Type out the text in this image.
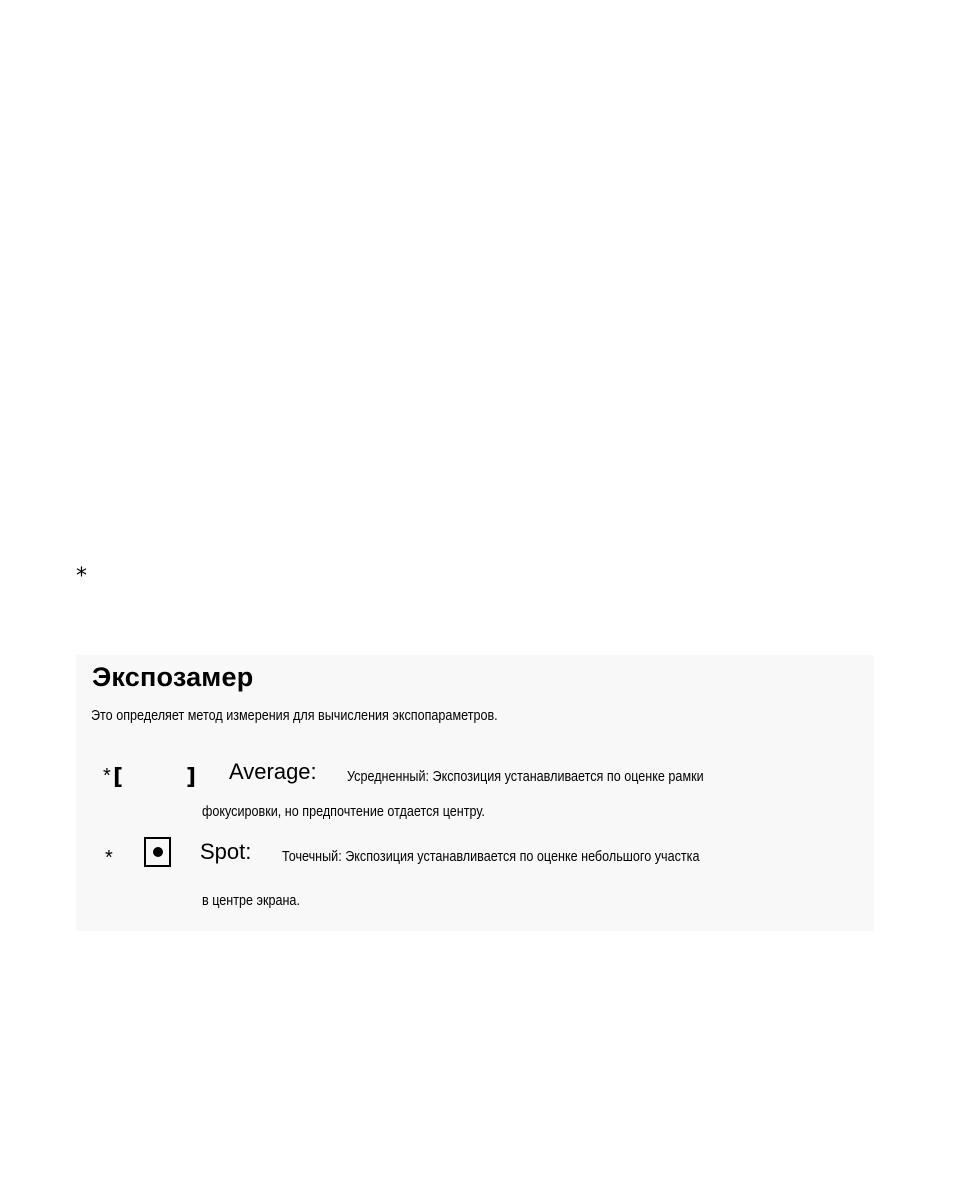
*
Экспозамер
Это определяет метод измерения для вычисления экспопараметров.
* [	] Average: Усредненный: Экспозиция устанавливается по оценке рамки
фокусировки, но предпочтение отдается центру.
*	Spot: Точечный: Экспозиция устанавливается по оценке небольшого участка
в центре экрана.
